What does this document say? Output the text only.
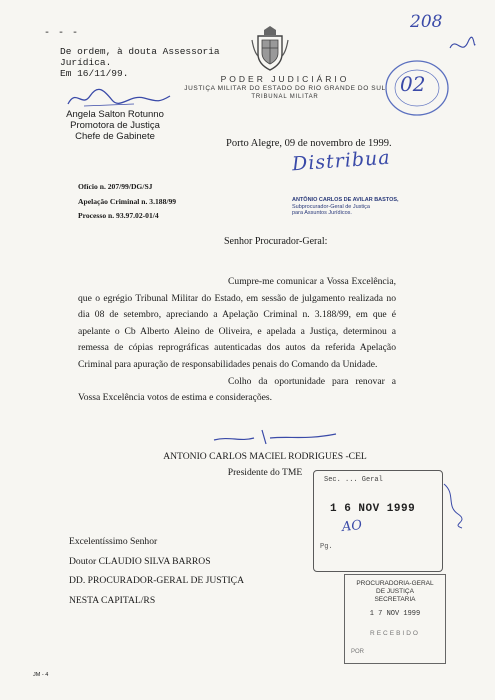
- - -
De ordem, à douta Assessoria
Jurídica.
Em 16/11/99.
Angela Salton Rotunno
Promotora de Justiça
Chefe de Gabinete
PODER JUDICIÁRIO
JUSTIÇA MILITAR DO ESTADO DO RIO GRANDE DO SUL
TRIBUNAL MILITAR
208
02
Porto Alegre, 09 de novembro de 1999.
Distribua
Ofício n. 207/99/DG/SJ
Apelação Criminal n. 3.188/99
Processo n. 93.97.02-01/4
ANTÔNIO CARLOS DE AVILAR BASTOS,
Subprocurador-Geral de Justiça
para Assuntos Jurídicos.
Senhor Procurador-Geral:

Cumpre-me comunicar a Vossa Excelência, que o egrégio Tribunal Militar do Estado, em sessão de julgamento realizada no dia 08 de setembro, apreciando a Apelação Criminal n. 3.188/99, em que é apelante o Cb Alberto Aleino de Oliveira, e apelada a Justiça, determinou a remessa de cópias reprográficas autenticadas dos autos da referida Apelação Criminal para apuração de responsabilidades penais do Comando da Unidade.

Colho da oportunidade para renovar a Vossa Excelência votos de estima e considerações.

ANTONIO CARLOS MACIEL RODRIGUES -CEL
Presidente do TME
Sec. ... Geral
1 6 NOV 1999
Pg.
AO
Excelentíssimo Senhor
Doutor CLAUDIO SILVA BARROS
DD. PROCURADOR-GERAL DE JUSTIÇA
NESTA CAPITAL/RS
PROCURADORIA-GERAL
DE JUSTIÇA
SECRETARIA
1 7 NOV 1999
RECEBIDO
POR
JM - 4
